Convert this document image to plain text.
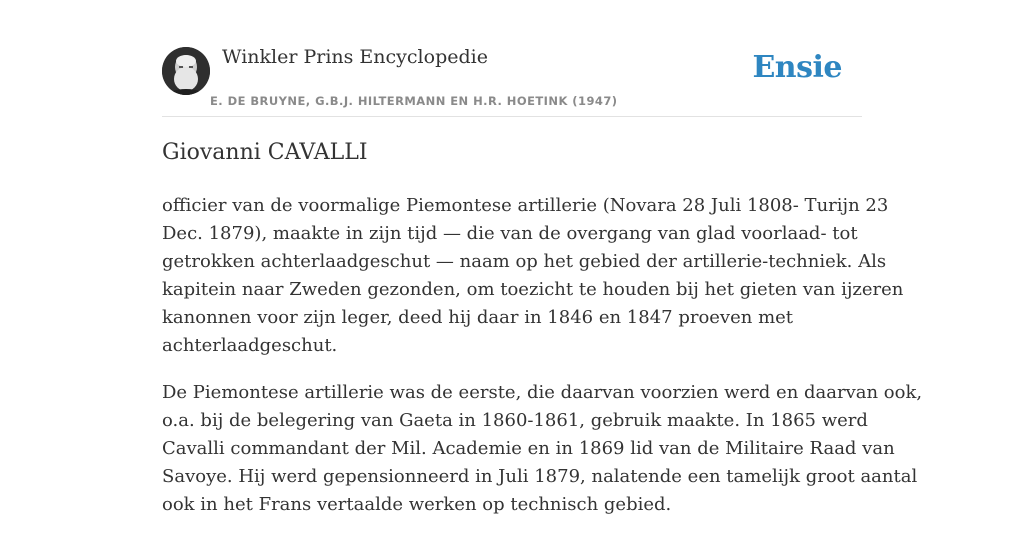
Winkler Prins Encyclopedie
E. DE BRUYNE, G.B.J. HILTERMANN EN H.R. HOETINK (1947)
Ensie
Giovanni CAVALLI

officier van de voormalige Piemontese artillerie (Novara 28 Juli 1808- Turijn 23
Dec. 1879), maakte in zijn tijd — die van de overgang van glad voorlaad- tot
getrokken achterlaadgeschut — naam op het gebied der artillerie-techniek. Als
kapitein naar Zweden gezonden, om toezicht te houden bij het gieten van ijzeren
kanonnen voor zijn leger, deed hij daar in 1846 en 1847 proeven met
achterlaadgeschut.

De Piemontese artillerie was de eerste, die daarvan voorzien werd en daarvan ook,
o.a. bij de belegering van Gaeta in 1860-1861, gebruik maakte. In 1865 werd
Cavalli commandant der Mil. Academie en in 1869 lid van de Militaire Raad van
Savoye. Hij werd gepensionneerd in Juli 1879, nalatende een tamelijk groot aantal
ook in het Frans vertaalde werken op technisch gebied.
